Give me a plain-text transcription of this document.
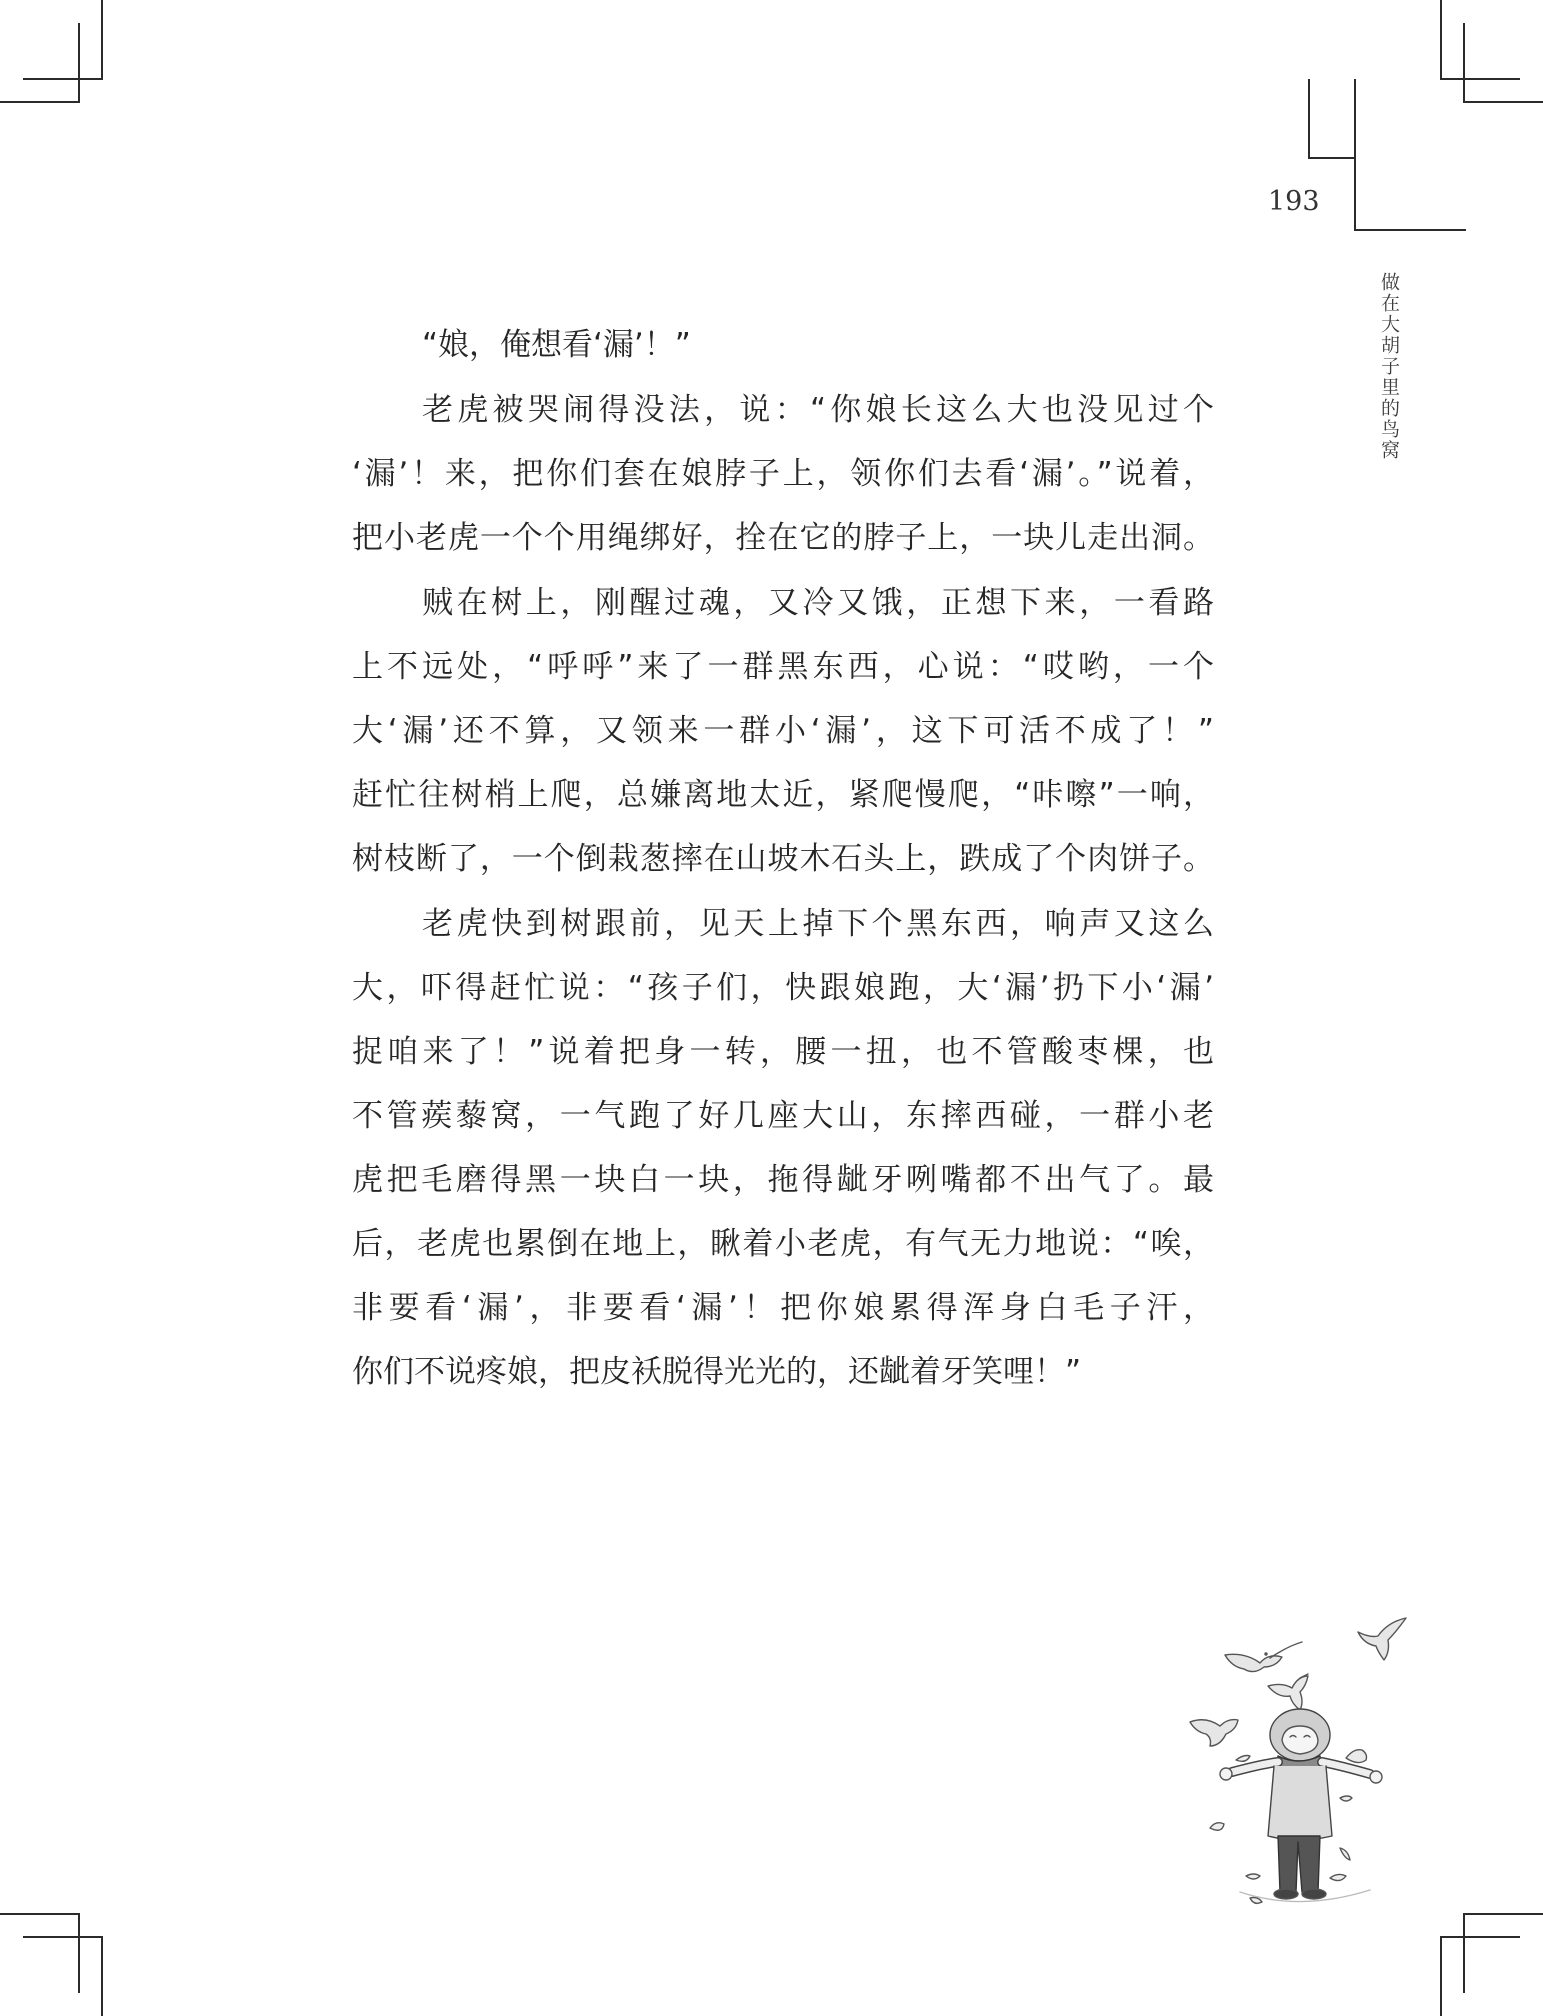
193
做在大胡子里的鸟窝
“娘，俺想看‘漏’！”
老虎被哭闹得没法，说：“你娘长这么大也没见过个
‘漏’！来，把你们套在娘脖子上，领你们去看‘漏’。”说着，
把小老虎一个个用绳绑好，拴在它的脖子上，一块儿走出洞。
贼在树上，刚醒过魂，又冷又饿，正想下来，一看路
上不远处，“呼呼”来了一群黑东西，心说：“哎哟，一个
大‘漏’还不算，又领来一群小‘漏’，这下可活不成了！”
赶忙往树梢上爬，总嫌离地太近，紧爬慢爬，“咔嚓”一响，
树枝断了，一个倒栽葱摔在山坡木石头上，跌成了个肉饼子。
老虎快到树跟前，见天上掉下个黑东西，响声又这么
大，吓得赶忙说：“孩子们，快跟娘跑，大‘漏’扔下小‘漏’
捉咱来了！”说着把身一转，腰一扭，也不管酸枣棵，也
不管蒺藜窝，一气跑了好几座大山，东摔西碰，一群小老
虎把毛磨得黑一块白一块，拖得龇牙咧嘴都不出气了。最
后，老虎也累倒在地上，瞅着小老虎，有气无力地说：“唉，
非要看‘漏’，非要看‘漏’！把你娘累得浑身白毛子汗，
你们不说疼娘，把皮袄脱得光光的，还龇着牙笑哩！”
